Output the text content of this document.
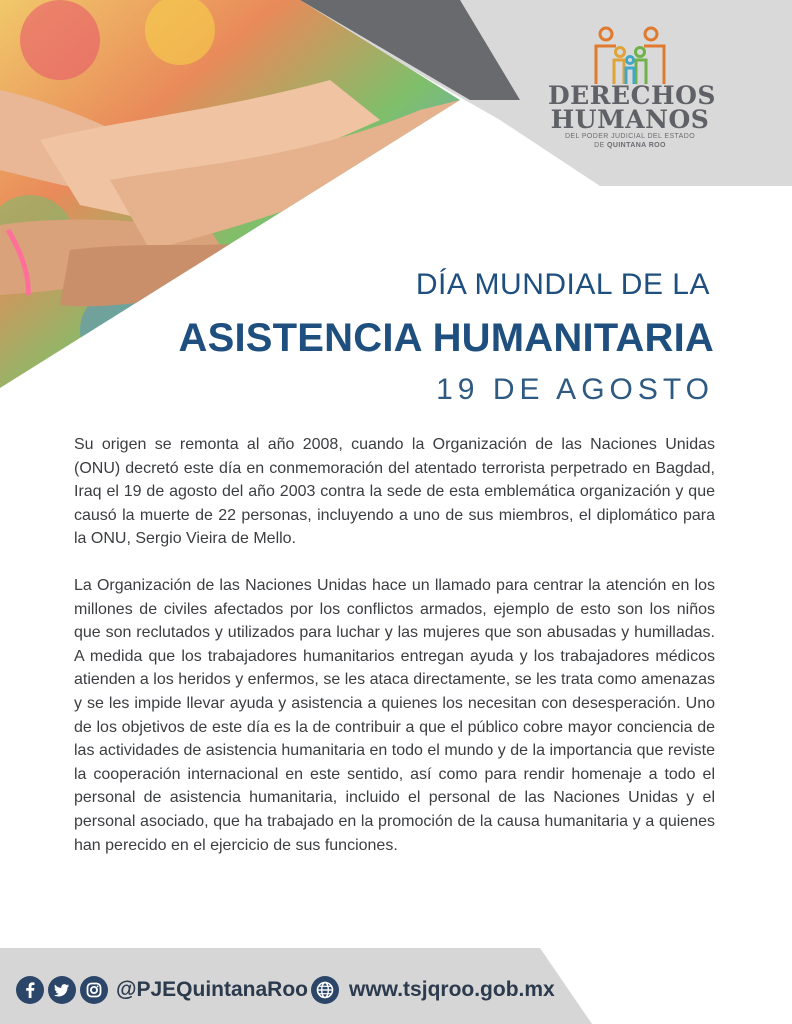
DERECHOS
HUMANOS
DEL PODER JUDICIAL DEL ESTADO
DE QUINTANA ROO
DÍA MUNDIAL DE LA
ASISTENCIA HUMANITARIA
19 DE AGOSTO

Su origen se remonta al año 2008, cuando la Organización de las Naciones Unidas (ONU) decretó este día en conmemoración del atentado terrorista perpetrado en Bagdad, Iraq el 19 de agosto del año 2003 contra la sede de esta emblemática organización y que causó la muerte de 22 personas, incluyendo a uno de sus miembros, el diplomático para la ONU, Sergio Vieira de Mello.

La Organización de las Naciones Unidas hace un llamado para centrar la atención en los millones de civiles afectados por los conflictos armados, ejemplo de esto son los niños que son reclutados y utilizados para luchar y las mujeres que son abusadas y humilladas. A medida que los trabajadores humanitarios entregan ayuda y los trabajadores médicos atienden a los heridos y enfermos, se les ataca directamente, se les trata como amenazas y se les impide llevar ayuda y asistencia a quienes los necesitan con desesperación. Uno de los objetivos de este día es la de contribuir a que el público cobre mayor conciencia de las actividades de asistencia humanitaria en todo el mundo y de la importancia que reviste la cooperación internacional en este sentido, así como para rendir homenaje a todo el personal de asistencia humanitaria, incluido el personal de las Naciones Unidas y el personal asociado, que ha trabajado en la promoción de la causa humanitaria y a quienes han perecido en el ejercicio de sus funciones.

@PJEQuintanaRoo www.tsjqroo.gob.mx
